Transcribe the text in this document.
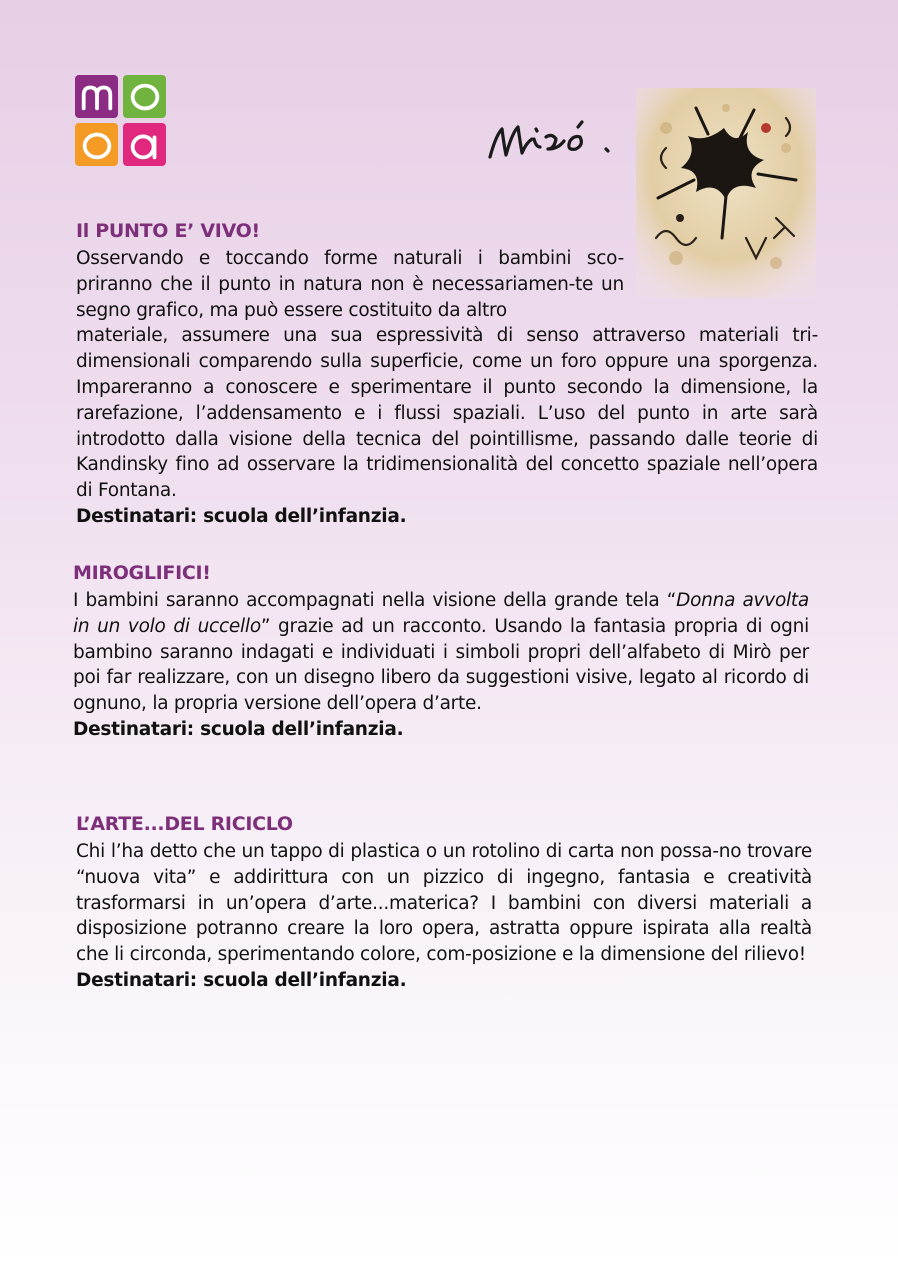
Il PUNTO E’ VIVO!

Osservando e toccando forme naturali i bambini sco-priranno che il punto in natura non è necessariamen-te un segno grafico, ma può essere costituito da altro

materiale, assumere una sua espressività di senso attraverso materiali tri-dimensionali comparendo sulla superficie, come un foro oppure una sporgenza. Impareranno a conoscere e sperimentare il punto secondo la dimensione, la rarefazione, l’addensamento e i flussi spaziali. L’uso del punto in arte sarà introdotto dalla visione della tecnica del pointillisme, passando dalle teorie di Kandinsky fino ad osservare la tridimensionalità del concetto spaziale nell’opera di Fontana.

Destinatari: scuola dell’infanzia.

MIROGLIFICI!

I bambini saranno accompagnati nella visione della grande tela “Donna avvolta in un volo di uccello” grazie ad un racconto. Usando la fantasia propria di ogni bambino saranno indagati e individuati i simboli propri dell’alfabeto di Mirò per poi far realizzare, con un disegno libero da suggestioni visive, legato al ricordo di ognuno, la propria versione dell’opera d’arte.

Destinatari: scuola dell’infanzia.

L’ARTE...DEL RICICLO

Chi l’ha detto che un tappo di plastica o un rotolino di carta non possa-no trovare “nuova vita” e addirittura con un pizzico di ingegno, fantasia e creatività trasformarsi in un’opera d’arte...materica? I bambini con diversi materiali a disposizione potranno creare la loro opera, astratta oppure ispirata alla realtà che li circonda, sperimentando colore, com-posizione e la dimensione del rilievo!

Destinatari: scuola dell’infanzia.
